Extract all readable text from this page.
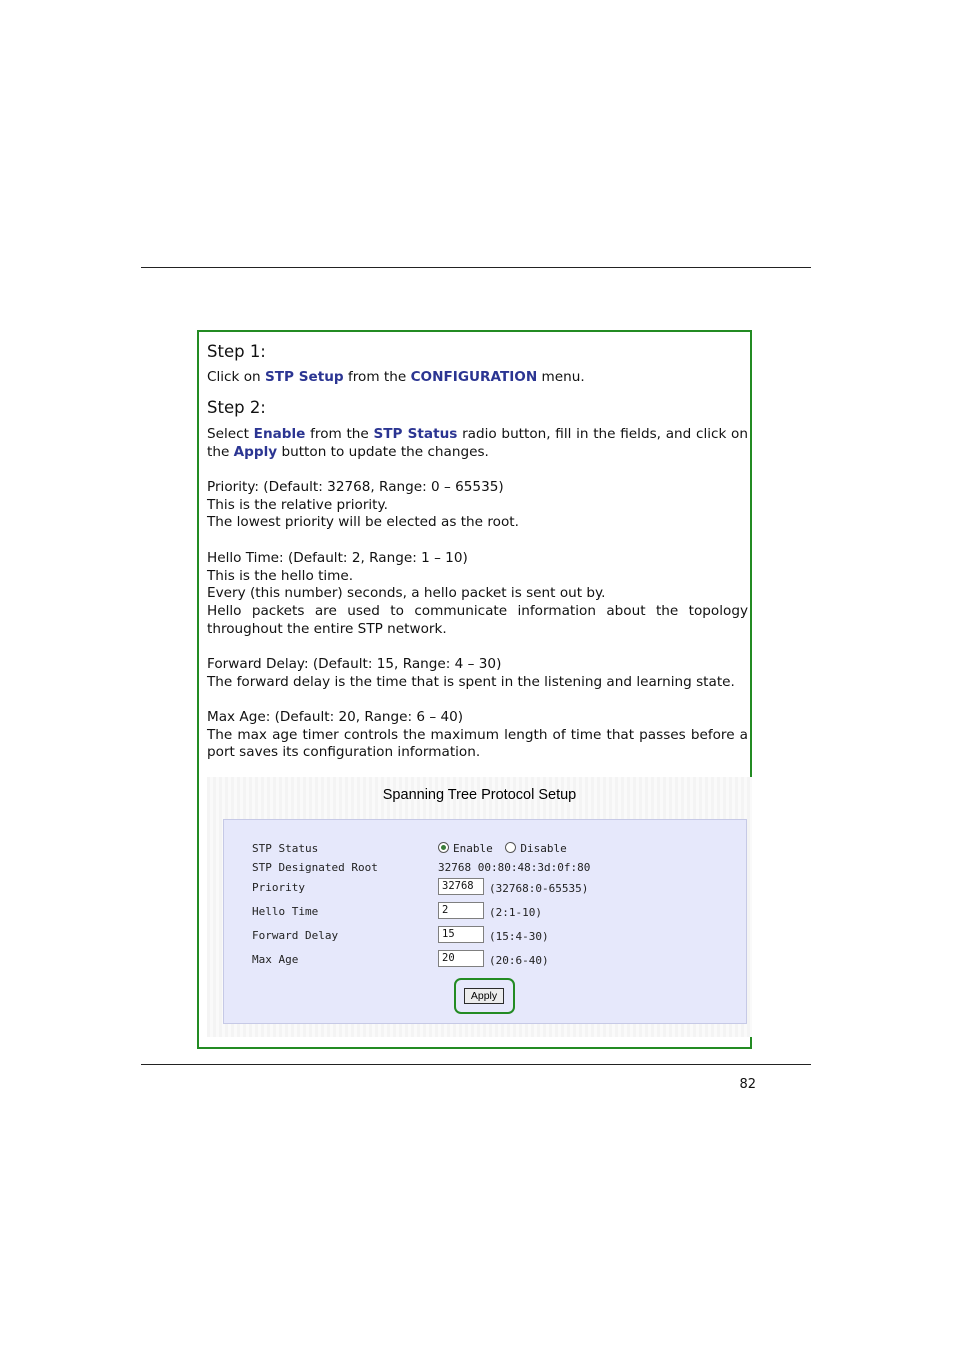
Step 1:

Click on STP Setup from the CONFIGURATION menu.

Step 2:

Select Enable from the STP Status radio button, fill in the fields, and click on the Apply button to update the changes.

Priority: (Default: 32768, Range: 0 – 65535)

This is the relative priority.

The lowest priority will be elected as the root.

Hello Time: (Default: 2, Range: 1 – 10)

This is the hello time.

Every (this number) seconds, a hello packet is sent out by.

Hello packets are used to communicate information about the topology throughout the entire STP network.

Forward Delay: (Default: 15, Range: 4 – 30)

The forward delay is the time that is spent in the listening and learning state.

Max Age: (Default: 20, Range: 6 – 40)

The max age timer controls the maximum length of time that passes before a port saves its configuration information.

Spanning Tree Protocol Setup
STP Status	Enable	Disable
STP Designated Root	32768 00:80:48:3d:0f:80
Priority	32768	(32768:0-65535)
Hello Time	2	(2:1-10)
Forward Delay	15	(15:4-30)
Max Age	20	(20:6-40)
Apply
82
